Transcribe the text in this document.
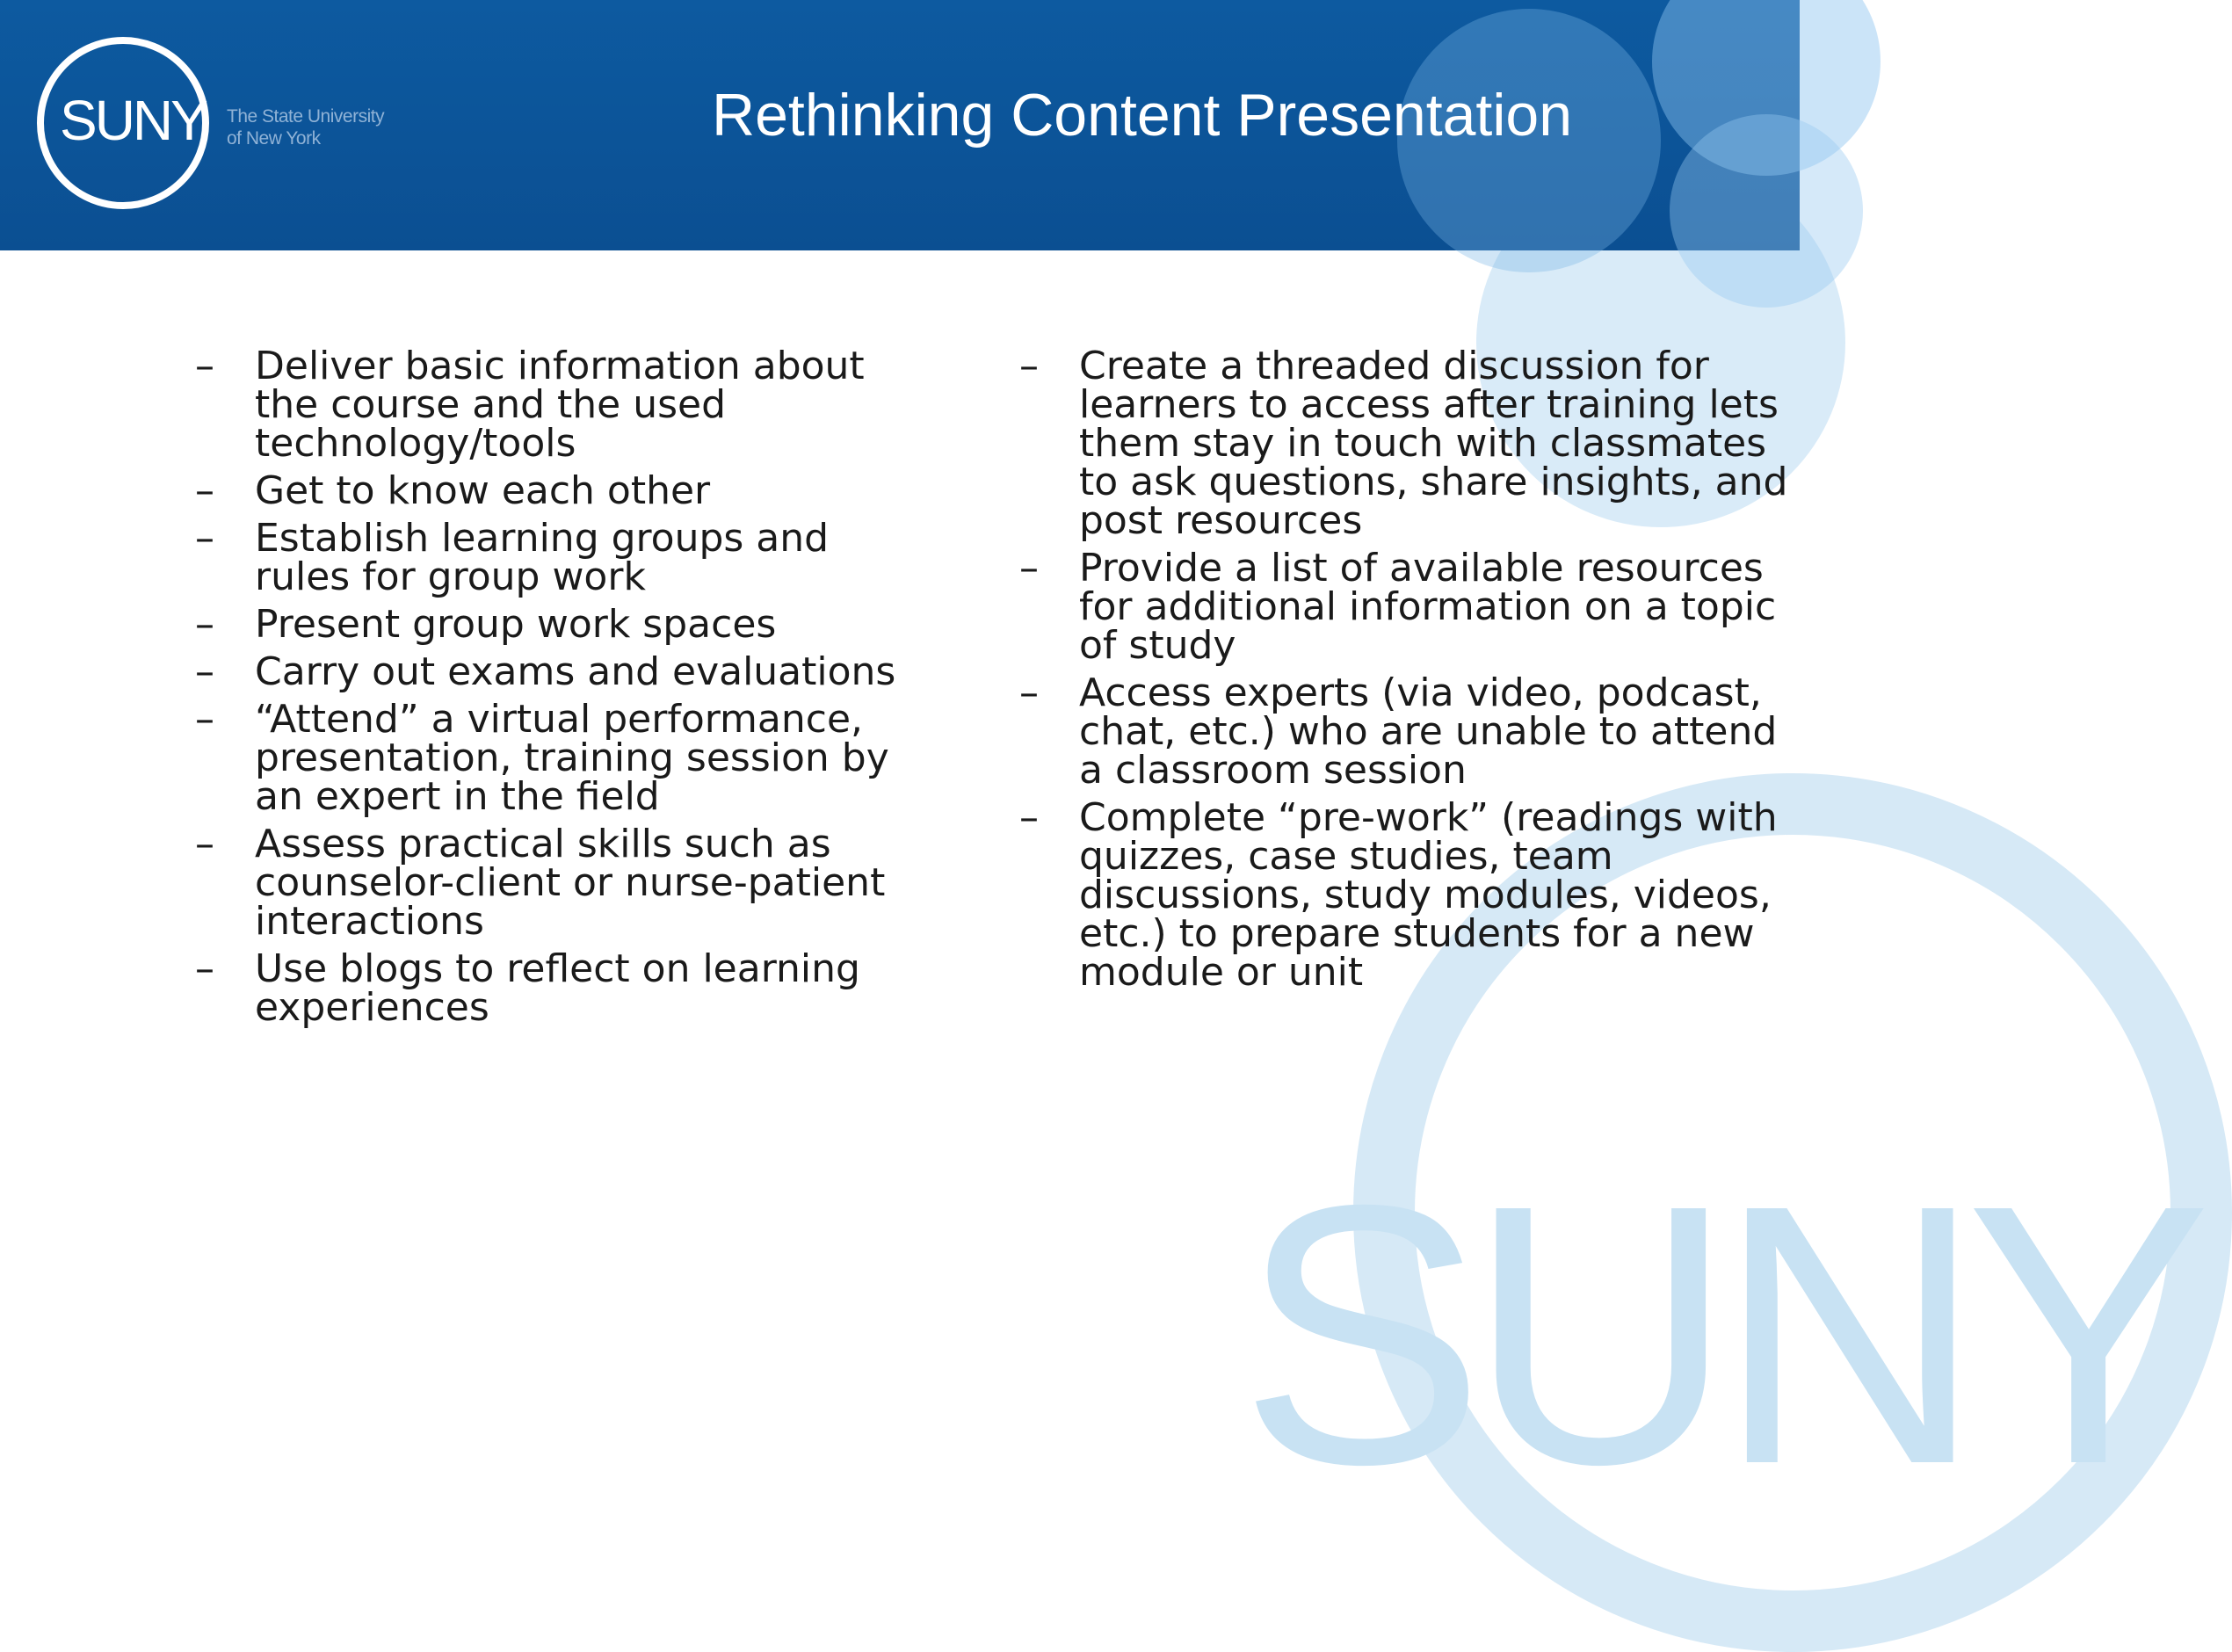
SUNY
SUNY The State University
of New York	Rethinking Content Presentation
– Deliver basic information about the course and the used technology/tools
– Get to know each other
– Establish learning groups and rules for group work
– Present group work spaces
– Carry out exams and evaluations
– “Attend” a virtual performance, presentation, training session by an expert in the field
– Assess practical skills such as counselor-client or nurse-patient interactions
– Use blogs to reflect on learning experiences
– Create a threaded discussion for learners to access after training lets them stay in touch with classmates to ask questions, share insights, and post resources
– Provide a list of available resources for additional information on a topic of study
– Access experts (via video, podcast, chat, etc.) who are unable to attend a classroom session
– Complete “pre-work” (readings with quizzes, case studies, team discussions, study modules, videos, etc.) to prepare students for a new module or unit
